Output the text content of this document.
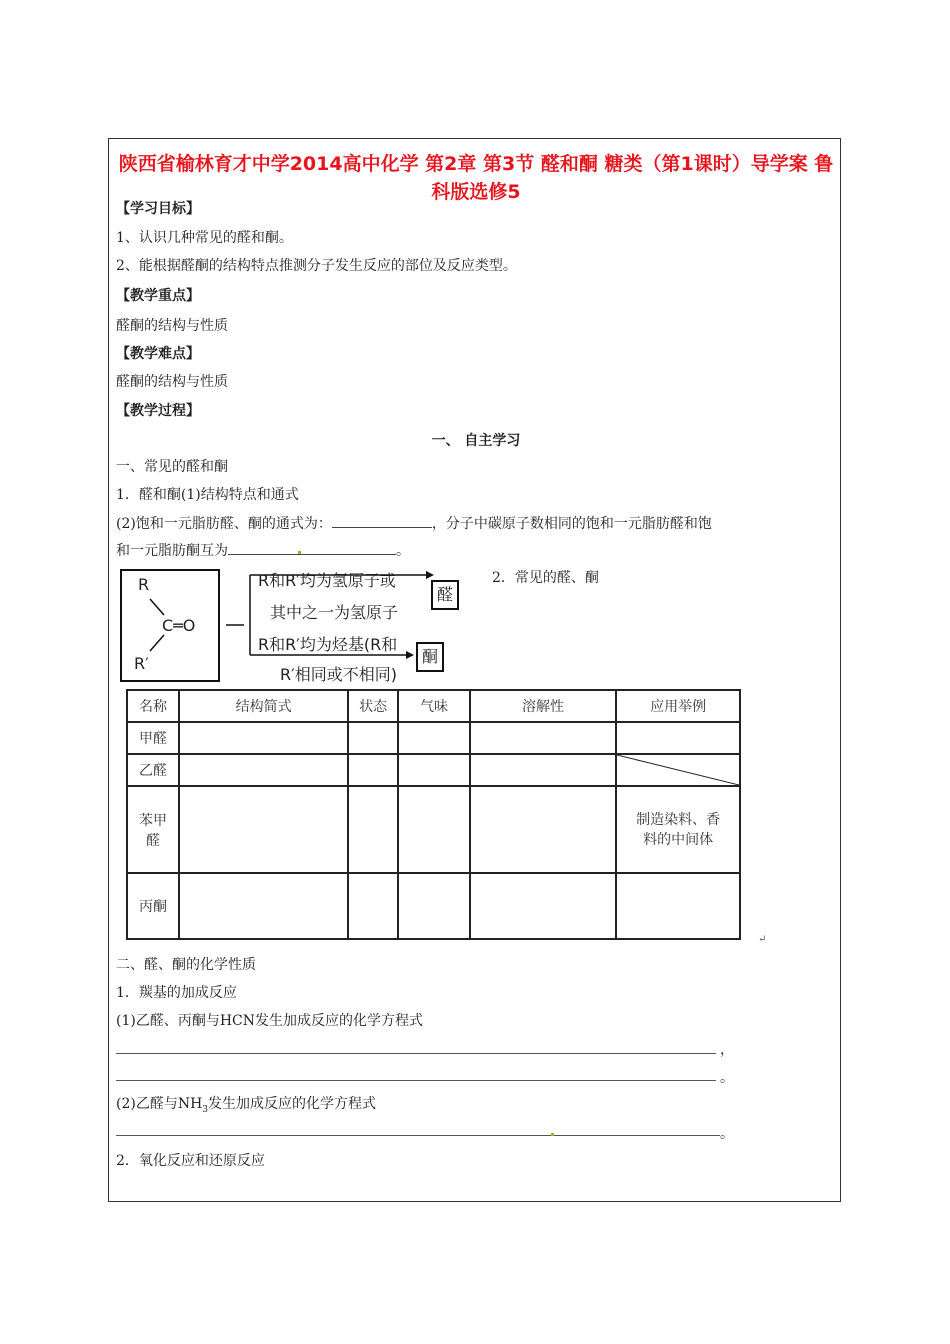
陕西省榆林育才中学2014高中化学 第2章 第3节 醛和酮 糖类（第1课时）导学案 鲁科版选修5
【学习目标】
1、认识几种常见的醛和酮。
2、能根据醛酮的结构特点推测分子发生反应的部位及反应类型。
【教学重点】
醛酮的结构与性质
【教学难点】
醛酮的结构与性质
【教学过程】
一、 自主学习
一、常见的醛和酮
1．醛和酮(1)结构特点和通式
(2)饱和一元脂肪醛、酮的通式为：	，分子中碳原子数相同的饱和一元脂肪醛和饱
和一元脂肪酮互为	。
2．常见的醛、酮
R
C═O
R′
R和R′均为氢原子或
其中之一为氢原子
R和R′均为烃基(R和
R′相同或不相同)
醛
酮
名称	结构简式	状态	气味	溶解性	应用举例
甲醛					
乙醛					

苯甲醛					制造染料、香料的中间体
丙酮					
↵
二、醛、酮的化学性质
1．羰基的加成反应
(1)乙醛、丙酮与HCN发生加成反应的化学方程式
，
。
(2)乙醛与$NH_3$发生加成反应的化学方程式
。
2．氧化反应和还原反应
